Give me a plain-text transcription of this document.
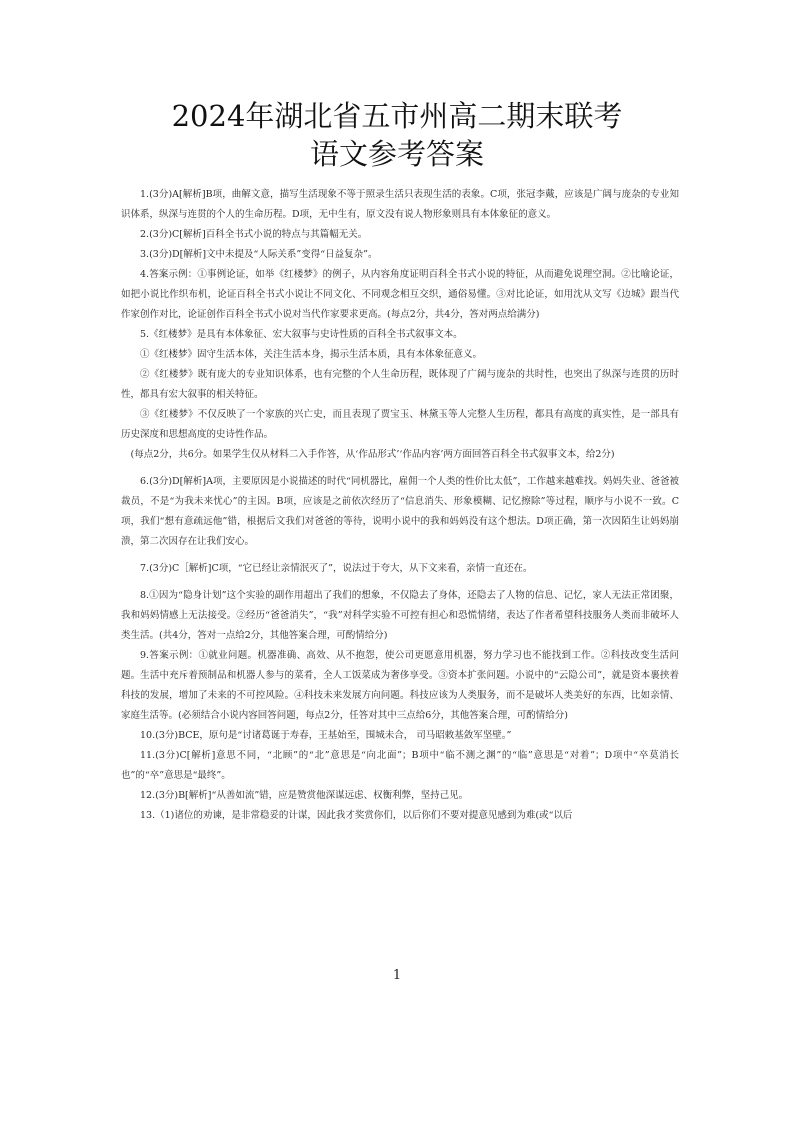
2024年湖北省五市州高二期末联考
语文参考答案

1.(3分)A[解析]B项，曲解文意，描写生活现象不等于照录生活只表现生活的表象。C项，张冠李戴，应该是广阔与庞杂的专业知识体系，纵深与连贯的个人的生命历程。D项，无中生有，原文没有说人物形象则具有本体象征的意义。

2.(3分)C[解析]百科全书式小说的特点与其篇幅无关。

3.(3分)D[解析]文中未提及“人际关系”变得“日益复杂”。

4.答案示例：①事例论证，如举《红楼梦》的例子，从内容角度证明百科全书式小说的特征，从而避免说理空洞。②比喻论证，如把小说比作织布机，论证百科全书式小说让不同文化、不同观念相互交织，通俗易懂。③对比论证，如用沈从文写《边城》跟当代作家创作对比，论证创作百科全书式小说对当代作家要求更高。(每点2分，共4分，答对两点给满分)

5.《红楼梦》是具有本体象征、宏大叙事与史诗性质的百科全书式叙事文本。

①《红楼梦》固守生活本体，关注生活本身，揭示生活本质，具有本体象征意义。

②《红楼梦》既有庞大的专业知识体系，也有完整的个人生命历程，既体现了广阔与庞杂的共时性，也突出了纵深与连贯的历时性，都具有宏大叙事的相关特征。

③《红楼梦》不仅反映了一个家族的兴亡史，而且表现了贾宝玉、林黛玉等人完整人生历程，都具有高度的真实性，是一部具有历史深度和思想高度的史诗性作品。

(每点2分，共6分。如果学生仅从材料二入手作答，从‘作品形式’‘作品内容’两方面回答百科全书式叙事文本，给2分)

6.(3分)D[解析]A项，主要原因是小说描述的时代“同机器比，雇佣一个人类的性价比太低”，工作越来越难找。妈妈失业、爸爸被裁员，不是“为我未来忧心”的主因。B项，应该是之前依次经历了“信息消失、形象模糊、记忆擦除”等过程，顺序与小说不一致。C项，我们“想有意疏远他”错，根据后文我们对爸爸的等待，说明小说中的我和妈妈没有这个想法。D项正确，第一次因陌生让妈妈崩溃，第二次因存在让我们安心。

7.(3分)C［解析]C项，“它已经让亲情泯灭了”，说法过于夸大，从下文来看，亲情一直还在。

8.①因为“隐身计划”这个实验的副作用超出了我们的想象，不仅隐去了身体，还隐去了人物的信息、记忆，家人无法正常团聚，我和妈妈情感上无法接受。②经历“爸爸消失”，“我”对科学实验不可控有担心和恐慌情绪，表达了作者希望科技服务人类而非破坏人类生活。(共4分，答对一点给2分，其他答案合理，可酌情给分)

9.答案示例：①就业问题。机器准确、高效、从不抱怨，使公司更愿意用机器，努力学习也不能找到工作。②科技改变生活问题。生活中充斥着预制品和机器人参与的菜肴，全人工饭菜成为奢侈享受。③资本扩张问题。小说中的“云隐公司”，就是资本裹挟着科技的发展，增加了未来的不可控风险。④科技未来发展方向问题。科技应该为人类服务，而不是破坏人类美好的东西，比如亲情、家庭生活等。(必须结合小说内容回答问题，每点2分，任答对其中三点给6分，其他答案合理，可酌情给分)

10.(3分)BCE，原句是“讨诸葛诞于寿春，王基始至，围城未合， 司马昭敕基敛军坚壁。”

11.(3分)C[解析]意思不同，“北顾”的“北”意思是“向北面”；B项中“临不测之渊”的“临”意思是“对着”；D项中“卒莫消长也”的“卒”意思是“最终”。

12.(3分)B[解析]“从善如流”错，应是赞赏他深谋远虑、权衡利弊，坚持己见。

13.（1)诸位的劝谏，是非常稳妥的计谋，因此我才奖赏你们，以后你们不要对提意见感到为难(或“以后

1
